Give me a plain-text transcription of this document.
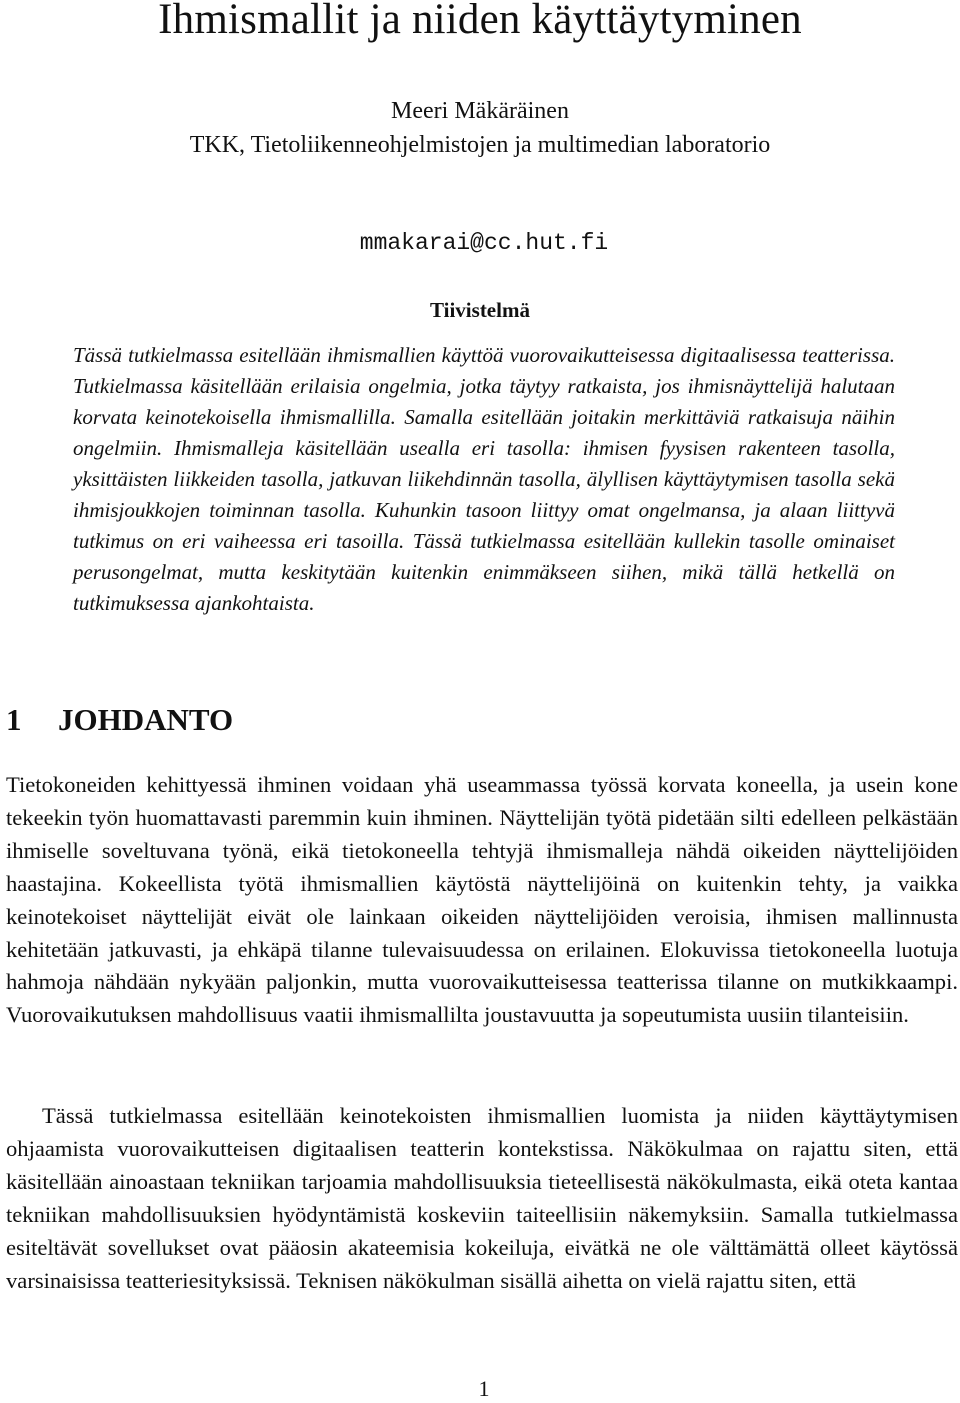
Ihmismallit ja niiden käyttäytyminen
Meeri Mäkäräinen
TKK, Tietoliikenneohjelmistojen ja multimedian laboratorio
mmakarai@cc.hut.fi
Tiivistelmä

Tässä tutkielmassa esitellään ihmismallien käyttöä vuorovaikutteisessa digitaalisessa teatterissa. Tutkielmassa käsitellään erilaisia ongelmia, jotka täytyy ratkaista, jos ihmisnäyttelijä halutaan korvata keinotekoisella ihmismallilla. Samalla esitellään joitakin merkittäviä ratkaisuja näihin ongelmiin. Ihmismalleja käsitellään usealla eri tasolla: ihmisen fyysisen rakenteen tasolla, yksittäisten liikkeiden tasolla, jatkuvan liikehdinnän tasolla, älyllisen käyttäytymisen tasolla sekä ihmisjoukkojen toiminnan tasolla. Kuhunkin tasoon liittyy omat ongelmansa, ja alaan liittyvä tutkimus on eri vaiheessa eri tasoilla. Tässä tutkielmassa esitellään kullekin tasolle ominaiset perusongelmat, mutta keskitytään kuitenkin enimmäkseen siihen, mikä tällä hetkellä on tutkimuksessa ajankohtaista.

1 JOHDANTO

Tietokoneiden kehittyessä ihminen voidaan yhä useammassa työssä korvata koneella, ja usein kone tekeekin työn huomattavasti paremmin kuin ihminen. Näyttelijän työtä pidetään silti edelleen pelkästään ihmiselle soveltuvana työnä, eikä tietokoneella tehtyjä ihmismalleja nähdä oikeiden näyttelijöiden haastajina. Kokeellista työtä ihmismallien käytöstä näyttelijöinä on kuitenkin tehty, ja vaikka keinotekoiset näyttelijät eivät ole lainkaan oikeiden näyttelijöiden veroisia, ihmisen mallinnusta kehitetään jatkuvasti, ja ehkäpä tilanne tulevaisuudessa on erilainen. Elokuvissa tietokoneella luotuja hahmoja nähdään nykyään paljonkin, mutta vuorovaikutteisessa teatterissa tilanne on mutkikkaampi. Vuorovaikutuksen mahdollisuus vaatii ihmismallilta joustavuutta ja sopeutumista uusiin tilanteisiin.

Tässä tutkielmassa esitellään keinotekoisten ihmismallien luomista ja niiden käyttäytymisen ohjaamista vuorovaikutteisen digitaalisen teatterin kontekstissa. Näkökulmaa on rajattu siten, että käsitellään ainoastaan tekniikan tarjoamia mahdollisuuksia tieteellisestä näkökulmasta, eikä oteta kantaa tekniikan mahdollisuuksien hyödyntämistä koskeviin taiteellisiin näkemyksiin. Samalla tutkielmassa esiteltävät sovellukset ovat pääosin akateemisia kokeiluja, eivätkä ne ole välttämättä olleet käytössä varsinaisissa teatteriesityksissä. Teknisen näkökulman sisällä aihetta on vielä rajattu siten, että

1
